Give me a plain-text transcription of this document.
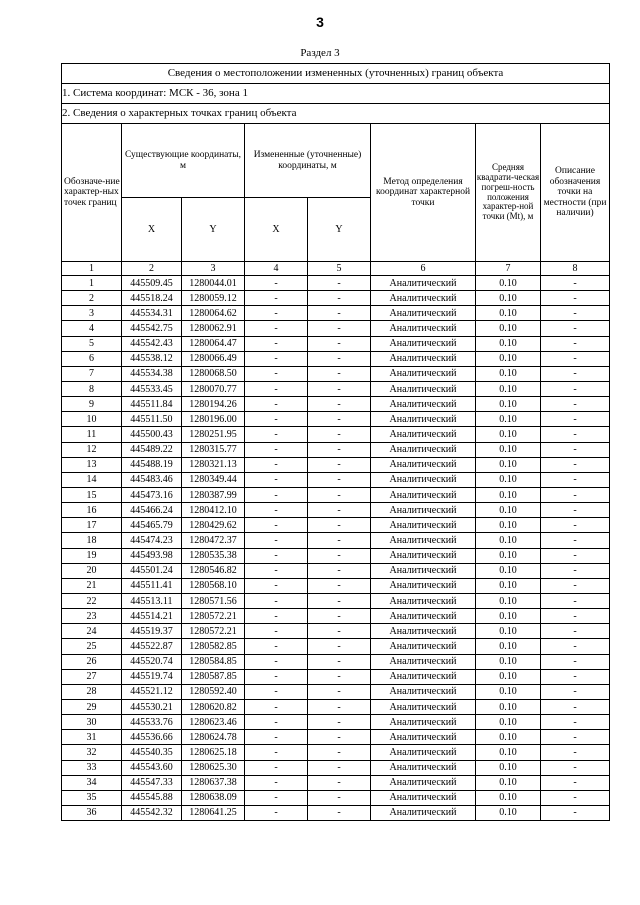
3
Раздел 3
Сведения о местоположении измененных (уточненных) границ объекта							
1. Система координат: МСК - 36, зона 1							
2. Сведения о характерных точках границ объекта							
Обозначе-ние характер-ных точек границ	Существующие координаты, м		Измененные (уточненные) координаты, м		Метод определения координат характерной точки	Средняя квадрати-ческая погреш-ность положения характер-ной точки (Mt), м	Описание обозначения точки на местности (при наличии)
	X	Y	X	Y			
1	2	3	4	5	6	7	8
1	445509.45	1280044.01	-	-	Аналитический	0.10	-
2	445518.24	1280059.12	-	-	Аналитический	0.10	-
3	445534.31	1280064.62	-	-	Аналитический	0.10	-
4	445542.75	1280062.91	-	-	Аналитический	0.10	-
5	445542.43	1280064.47	-	-	Аналитический	0.10	-
6	445538.12	1280066.49	-	-	Аналитический	0.10	-
7	445534.38	1280068.50	-	-	Аналитический	0.10	-
8	445533.45	1280070.77	-	-	Аналитический	0.10	-
9	445511.84	1280194.26	-	-	Аналитический	0.10	-
10	445511.50	1280196.00	-	-	Аналитический	0.10	-
11	445500.43	1280251.95	-	-	Аналитический	0.10	-
12	445489.22	1280315.77	-	-	Аналитический	0.10	-
13	445488.19	1280321.13	-	-	Аналитический	0.10	-
14	445483.46	1280349.44	-	-	Аналитический	0.10	-
15	445473.16	1280387.99	-	-	Аналитический	0.10	-
16	445466.24	1280412.10	-	-	Аналитический	0.10	-
17	445465.79	1280429.62	-	-	Аналитический	0.10	-
18	445474.23	1280472.37	-	-	Аналитический	0.10	-
19	445493.98	1280535.38	-	-	Аналитический	0.10	-
20	445501.24	1280546.82	-	-	Аналитический	0.10	-
21	445511.41	1280568.10	-	-	Аналитический	0.10	-
22	445513.11	1280571.56	-	-	Аналитический	0.10	-
23	445514.21	1280572.21	-	-	Аналитический	0.10	-
24	445519.37	1280572.21	-	-	Аналитический	0.10	-
25	445522.87	1280582.85	-	-	Аналитический	0.10	-
26	445520.74	1280584.85	-	-	Аналитический	0.10	-
27	445519.74	1280587.85	-	-	Аналитический	0.10	-
28	445521.12	1280592.40	-	-	Аналитический	0.10	-
29	445530.21	1280620.82	-	-	Аналитический	0.10	-
30	445533.76	1280623.46	-	-	Аналитический	0.10	-
31	445536.66	1280624.78	-	-	Аналитический	0.10	-
32	445540.35	1280625.18	-	-	Аналитический	0.10	-
33	445543.60	1280625.30	-	-	Аналитический	0.10	-
34	445547.33	1280637.38	-	-	Аналитический	0.10	-
35	445545.88	1280638.09	-	-	Аналитический	0.10	-
36	445542.32	1280641.25	-	-	Аналитический	0.10	-
